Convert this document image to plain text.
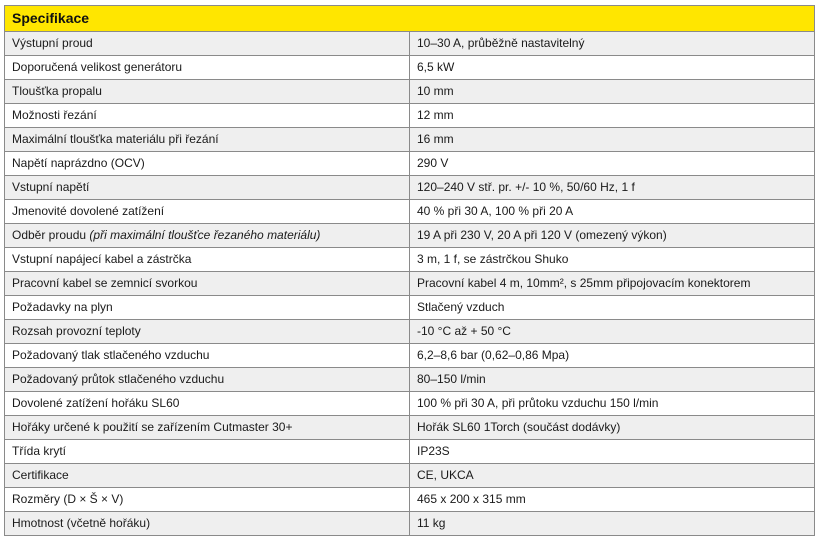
Specifikace	
Výstupní proud	10–30 A, průběžně nastavitelný
Doporučená velikost generátoru	6,5 kW
Tloušťka propalu	10 mm
Možnosti řezání	12 mm
Maximální tloušťka materiálu při řezání	16 mm
Napětí naprázdno (OCV)	290 V
Vstupní napětí	120–240 V stř. pr. +/- 10 %, 50/60 Hz, 1 f
Jmenovité dovolené zatížení	40 % při 30 A, 100 % při 20 A
Odběr proudu (při maximální tloušťce řezaného materiálu)	19 A při 230 V, 20 A při 120 V (omezený výkon)
Vstupní napájecí kabel a zástrčka	3 m, 1 f, se zástrčkou Shuko
Pracovní kabel se zemnicí svorkou	Pracovní kabel 4 m, 10mm², s 25mm připojovacím konektorem
Požadavky na plyn	Stlačený vzduch
Rozsah provozní teploty	-10 °C až + 50 °C
Požadovaný tlak stlačeného vzduchu	6,2–8,6 bar (0,62–0,86 Mpa)
Požadovaný průtok stlačeného vzduchu	80–150 l/min
Dovolené zatížení hořáku SL60	100 % při 30 A, při průtoku vzduchu 150 l/min
Hořáky určené k použití se zařízením Cutmaster 30+	Hořák SL60 1Torch (součást dodávky)
Třída krytí	IP23S
Certifikace	CE, UKCA
Rozměry (D × Š × V)	465 x 200 x 315 mm
Hmotnost (včetně hořáku)	11 kg
